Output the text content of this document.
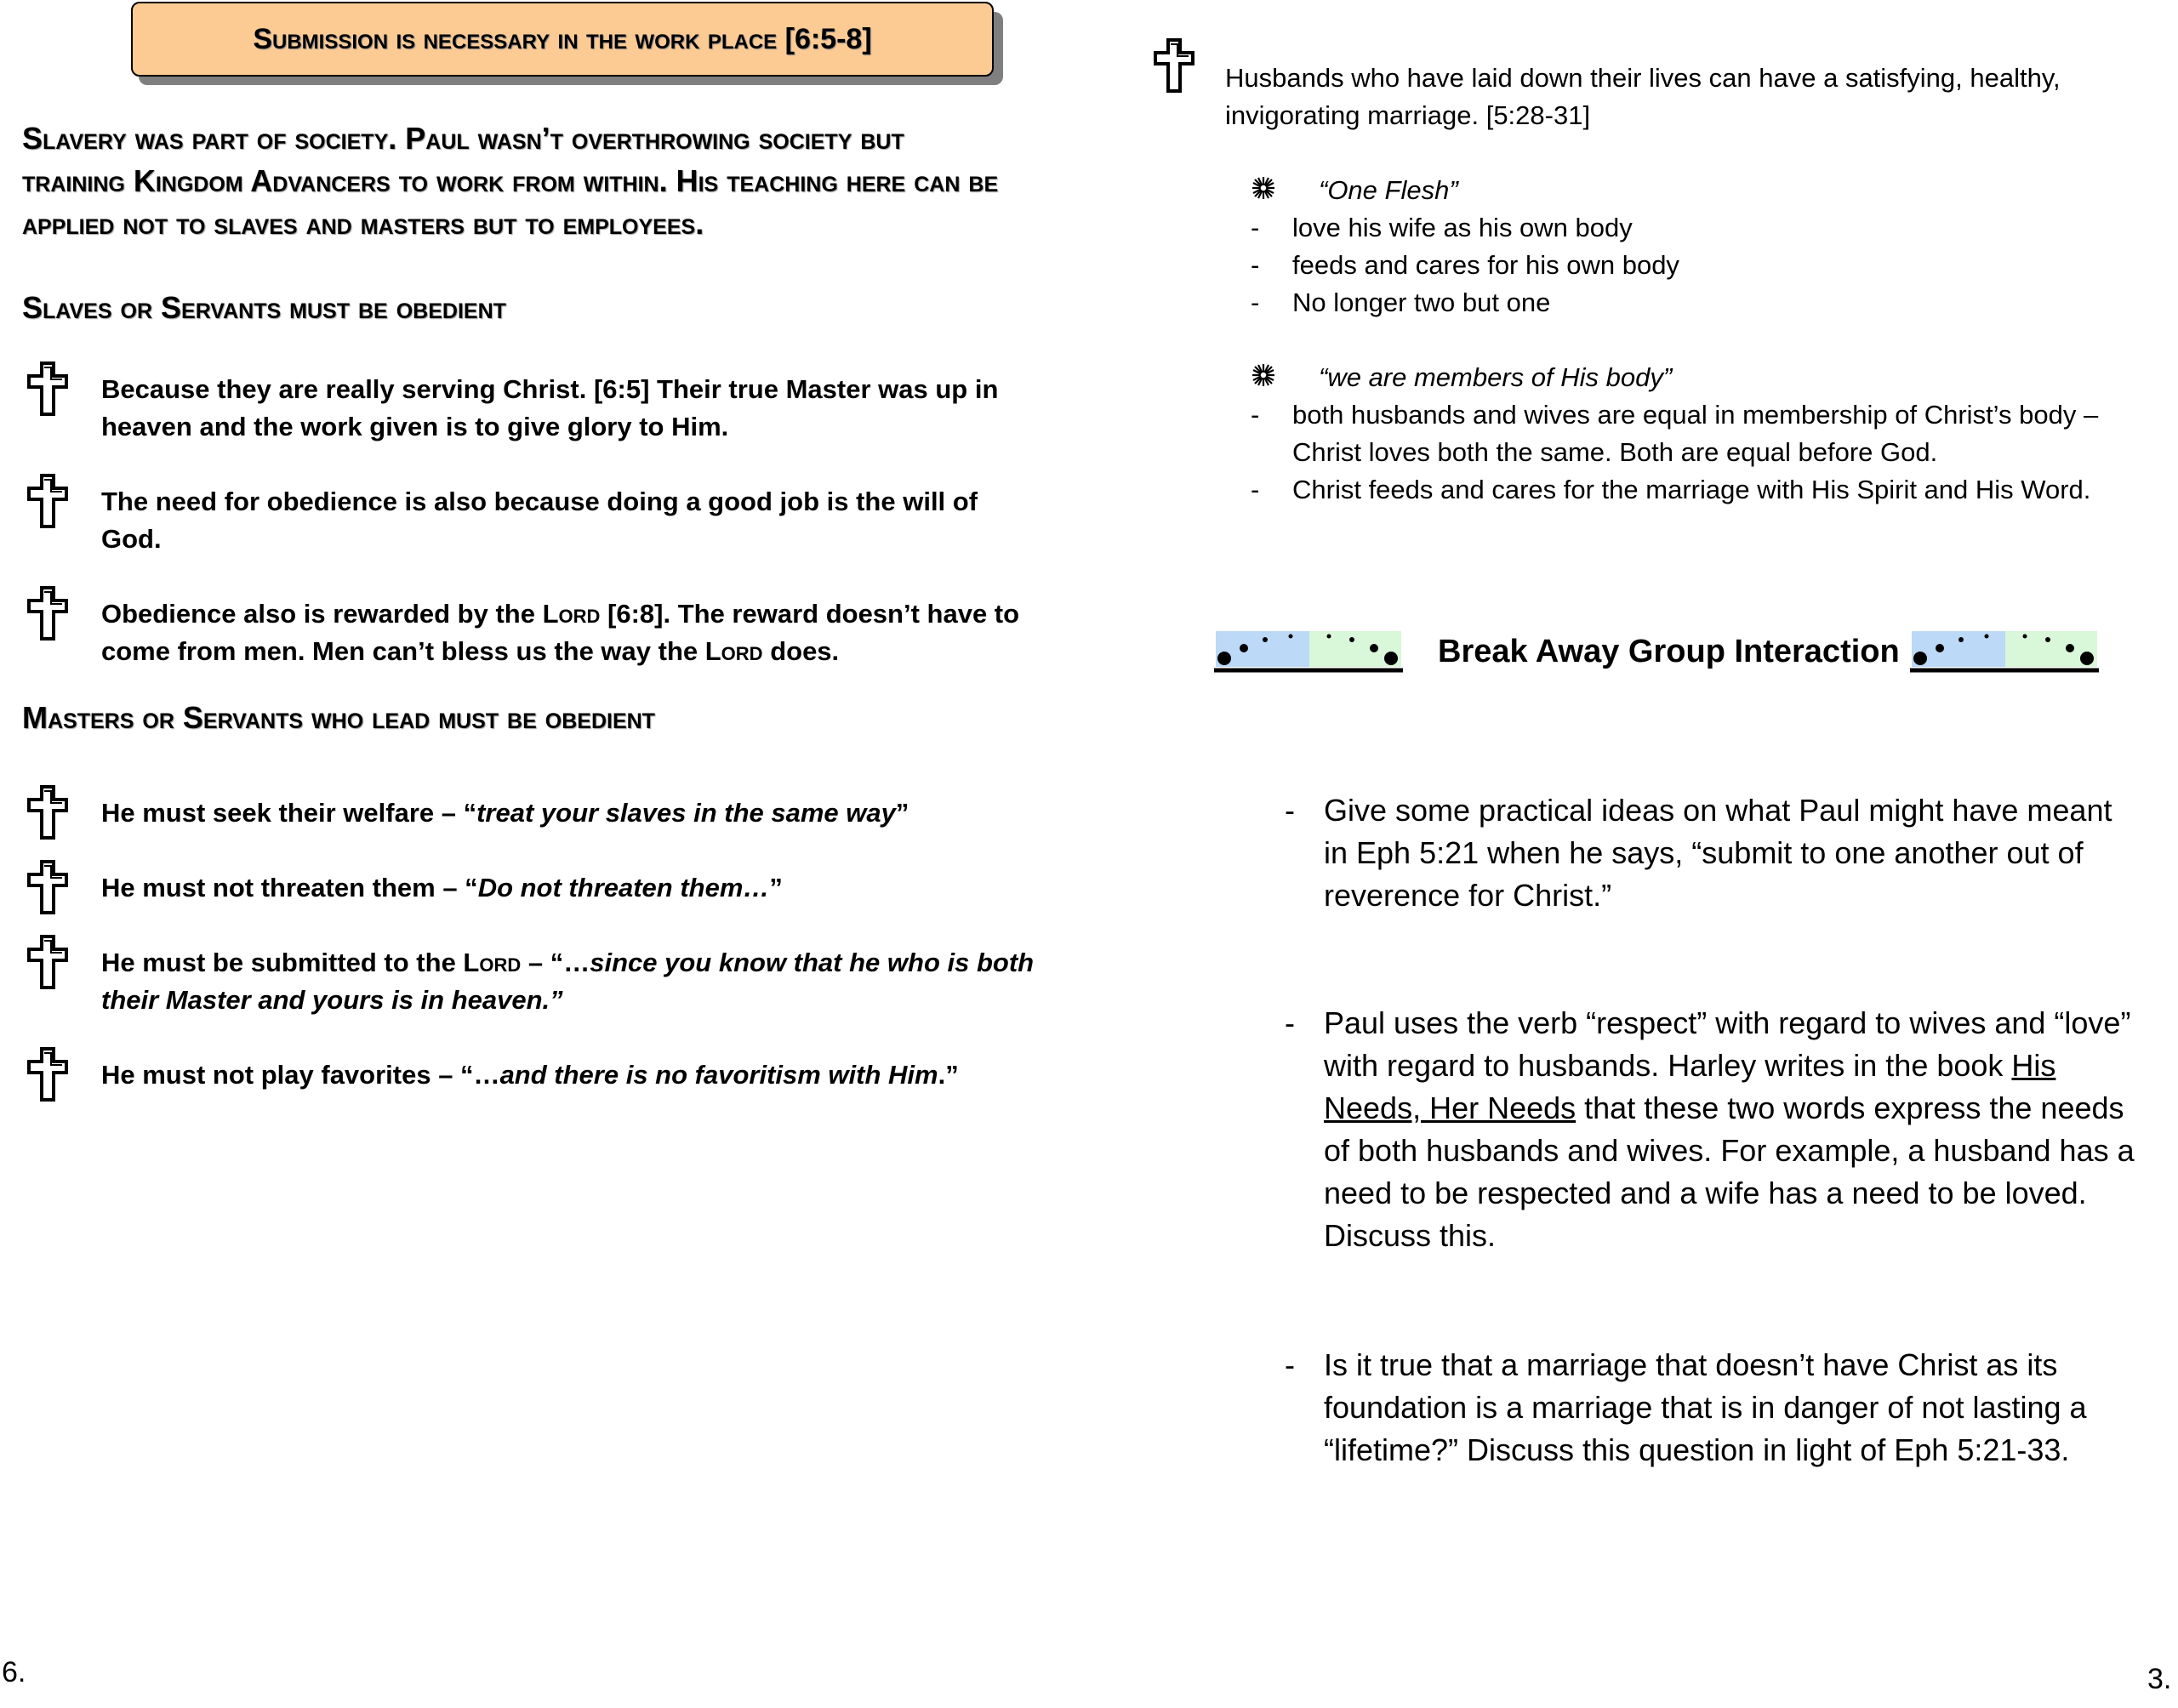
Submission is necessary in the work place [6:5-8]
Slavery was part of society. Paul wasn’t overthrowing society but training Kingdom Advancers to work from within. His teaching here can be applied not to slaves and masters but to employees.
Slaves or Servants must be obedient
Because they are really serving Christ. [6:5] Their true Master was up in heaven and the work given is to give glory to Him.
The need for obedience is also because doing a good job is the will of God.
Obedience also is rewarded by the Lord [6:8]. The reward doesn’t have to come from men. Men can’t bless us the way the Lord does.
Masters or Servants who lead must be obedient
He must seek their welfare – “treat your slaves in the same way”
He must not threaten them – “Do not threaten them…”
He must be submitted to the Lord – “…since you know that he who is both their Master and yours is in heaven.”
He must not play favorites – “…and there is no favoritism with Him.”
6.
Husbands who have laid down their lives can have a satisfying, healthy, invigorating marriage. [5:28-31]
“One Flesh”
- love his wife as his own body
- feeds and cares for his own body
- No longer two but one
“we are members of His body”
- both husbands and wives are equal in membership of Christ’s body – Christ loves both the same. Both are equal before God.
- Christ feeds and cares for the marriage with His Spirit and His Word.
Break Away Group Interaction
- Give some practical ideas on what Paul might have meant in Eph 5:21 when he says, “submit to one another out of reverence for Christ.”
- Paul uses the verb “respect” with regard to wives and “love” with regard to husbands. Harley writes in the book His Needs, Her Needs that these two words express the needs of both husbands and wives. For example, a husband has a need to be respected and a wife has a need to be loved. Discuss this.
- Is it true that a marriage that doesn’t have Christ as its foundation is a marriage that is in danger of not lasting a “lifetime?” Discuss this question in light of Eph 5:21-33.
3.
